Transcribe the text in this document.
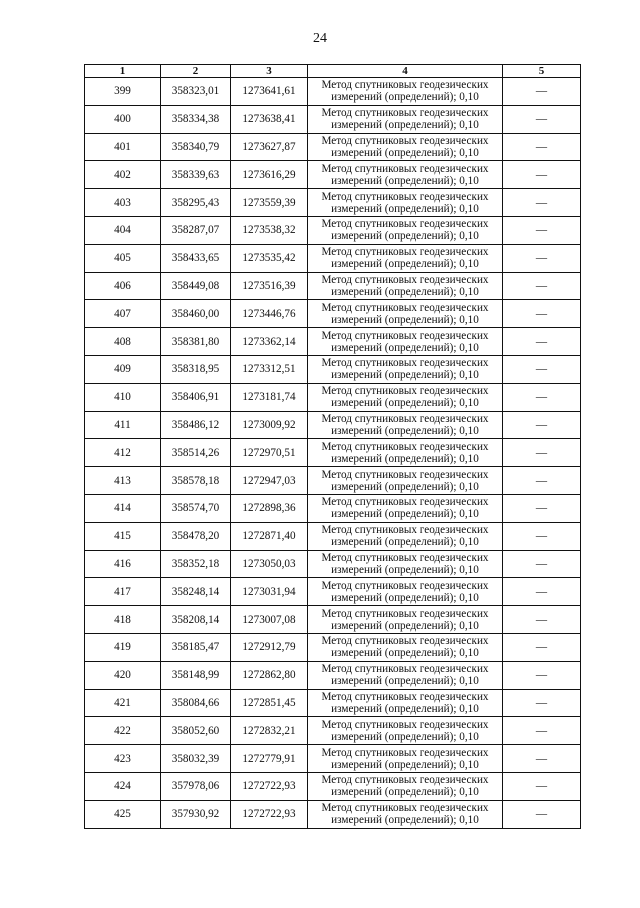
24
1	2	3	4	5
399	358323,01	1273641,61	Метод спутниковых геодезических
измерений (определений); 0,10	—
400	358334,38	1273638,41	Метод спутниковых геодезических
измерений (определений); 0,10	—
401	358340,79	1273627,87	Метод спутниковых геодезических
измерений (определений); 0,10	—
402	358339,63	1273616,29	Метод спутниковых геодезических
измерений (определений); 0,10	—
403	358295,43	1273559,39	Метод спутниковых геодезических
измерений (определений); 0,10	—
404	358287,07	1273538,32	Метод спутниковых геодезических
измерений (определений); 0,10	—
405	358433,65	1273535,42	Метод спутниковых геодезических
измерений (определений); 0,10	—
406	358449,08	1273516,39	Метод спутниковых геодезических
измерений (определений); 0,10	—
407	358460,00	1273446,76	Метод спутниковых геодезических
измерений (определений); 0,10	—
408	358381,80	1273362,14	Метод спутниковых геодезических
измерений (определений); 0,10	—
409	358318,95	1273312,51	Метод спутниковых геодезических
измерений (определений); 0,10	—
410	358406,91	1273181,74	Метод спутниковых геодезических
измерений (определений); 0,10	—
411	358486,12	1273009,92	Метод спутниковых геодезических
измерений (определений); 0,10	—
412	358514,26	1272970,51	Метод спутниковых геодезических
измерений (определений); 0,10	—
413	358578,18	1272947,03	Метод спутниковых геодезических
измерений (определений); 0,10	—
414	358574,70	1272898,36	Метод спутниковых геодезических
измерений (определений); 0,10	—
415	358478,20	1272871,40	Метод спутниковых геодезических
измерений (определений); 0,10	—
416	358352,18	1273050,03	Метод спутниковых геодезических
измерений (определений); 0,10	—
417	358248,14	1273031,94	Метод спутниковых геодезических
измерений (определений); 0,10	—
418	358208,14	1273007,08	Метод спутниковых геодезических
измерений (определений); 0,10	—
419	358185,47	1272912,79	Метод спутниковых геодезических
измерений (определений); 0,10	—
420	358148,99	1272862,80	Метод спутниковых геодезических
измерений (определений); 0,10	—
421	358084,66	1272851,45	Метод спутниковых геодезических
измерений (определений); 0,10	—
422	358052,60	1272832,21	Метод спутниковых геодезических
измерений (определений); 0,10	—
423	358032,39	1272779,91	Метод спутниковых геодезических
измерений (определений); 0,10	—
424	357978,06	1272722,93	Метод спутниковых геодезических
измерений (определений); 0,10	—
425	357930,92	1272722,93	Метод спутниковых геодезических
измерений (определений); 0,10	—
